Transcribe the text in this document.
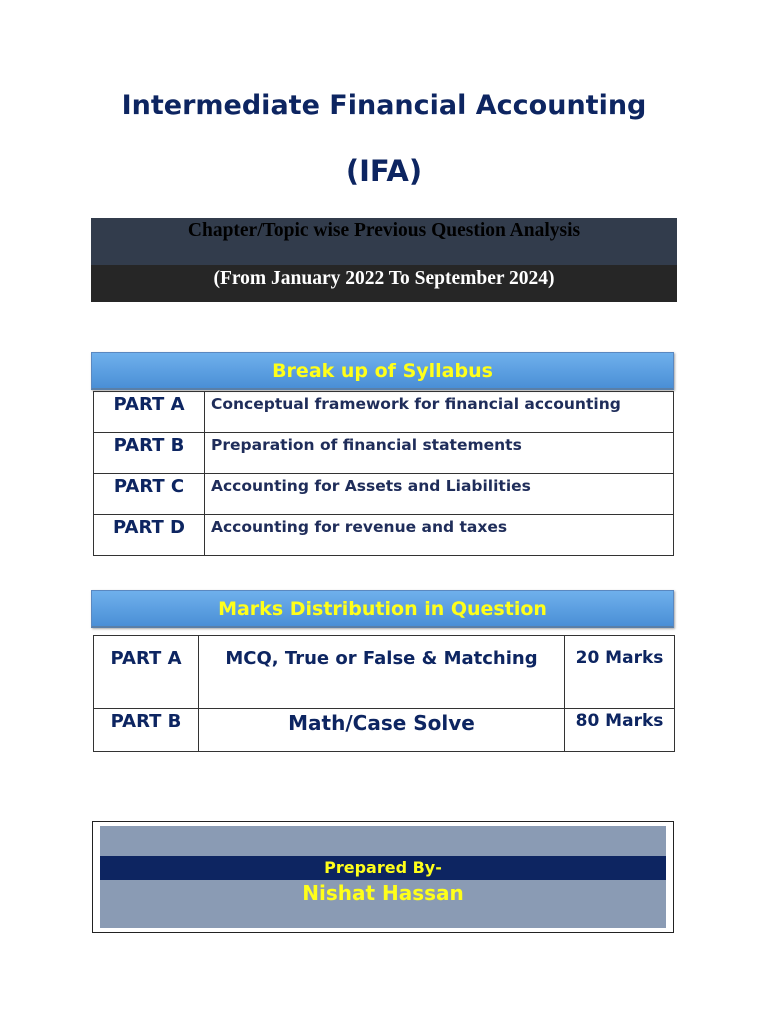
Intermediate Financial Accounting
(IFA)
Chapter/Topic wise Previous Question Analysis
(From January 2022 To September 2024)
Break up of Syllabus
PART A	Conceptual framework for financial accounting
PART B	Preparation of financial statements
PART C	Accounting for Assets and Liabilities
PART D	Accounting for revenue and taxes
Marks Distribution in Question
PART A	MCQ, True or False & Matching	20 Marks
PART B	Math/Case Solve	80 Marks
Prepared By-
Nishat Hassan
